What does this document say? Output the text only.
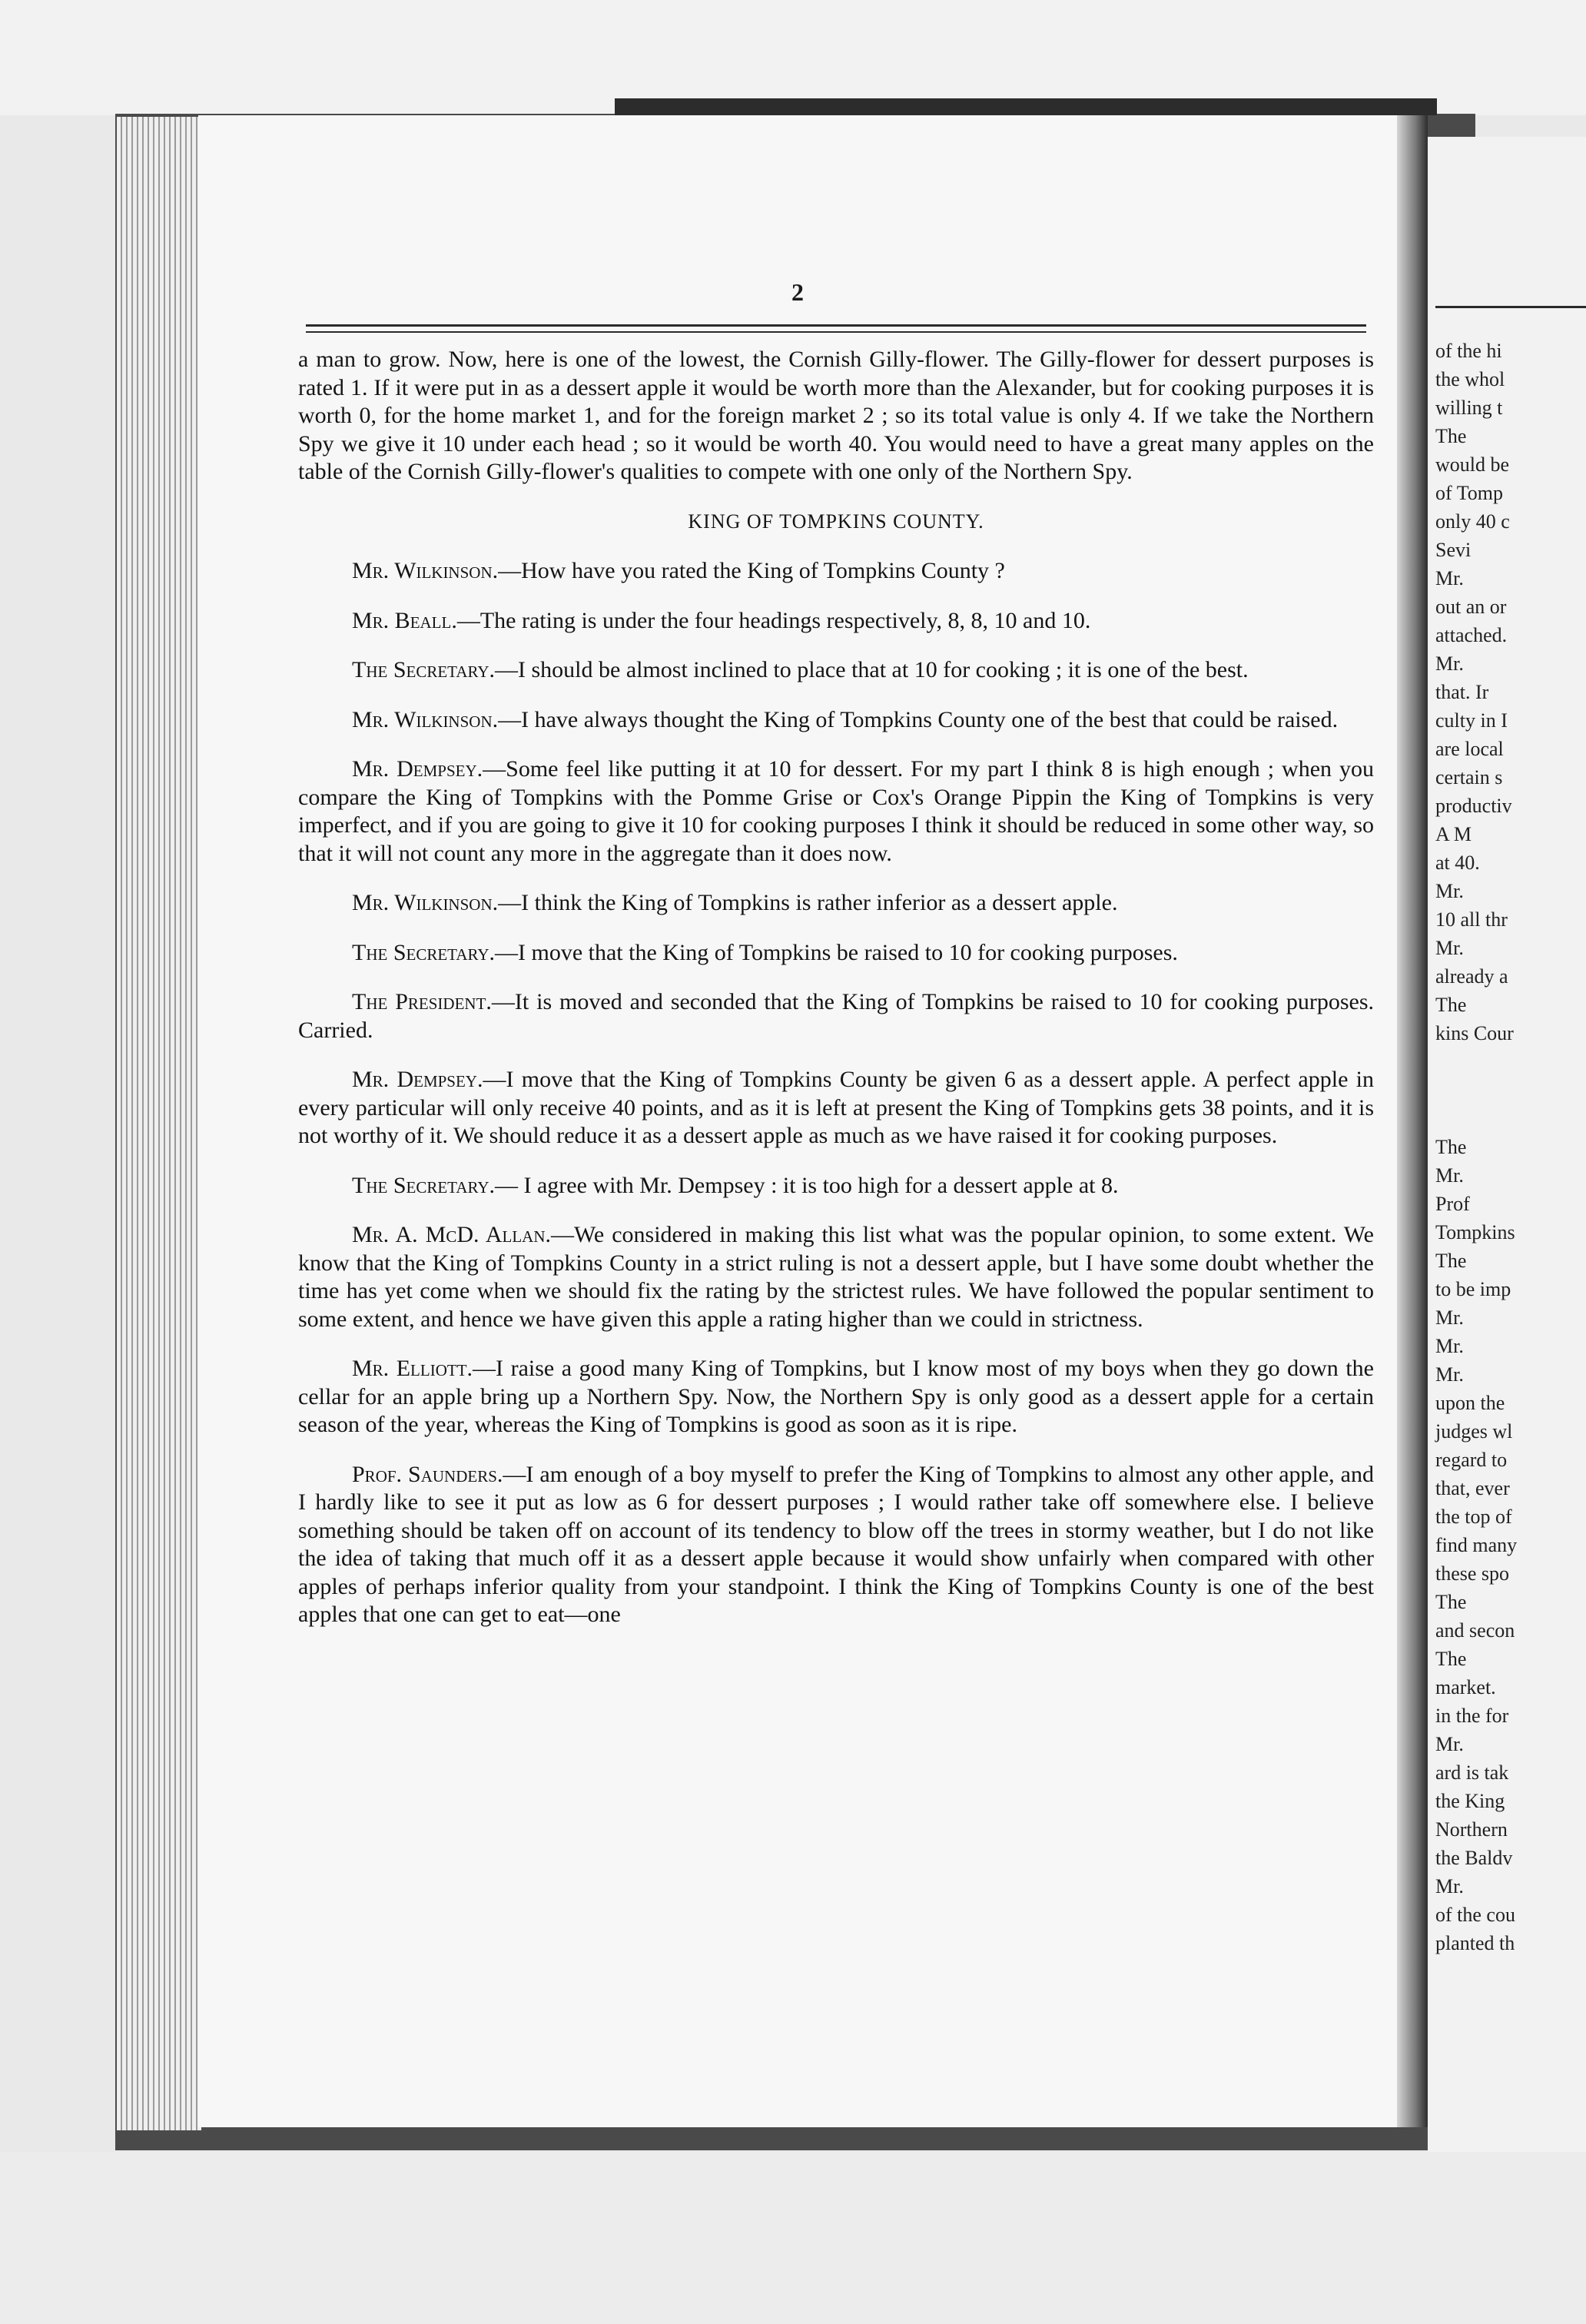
2

a man to grow. Now, here is one of the lowest, the Cornish Gilly-flower. The Gilly-flower for dessert purposes is rated 1. If it were put in as a dessert apple it would be worth more than the Alexander, but for cooking purposes it is worth 0, for the home market 1, and for the foreign market 2 ; so its total value is only 4. If we take the Northern Spy we give it 10 under each head ; so it would be worth 40. You would need to have a great many apples on the table of the Cornish Gilly-flower's qualities to compete with one only of the Northern Spy.

KING OF TOMPKINS COUNTY.

Mr. Wilkinson.—How have you rated the King of Tompkins County ?

Mr. Beall.—The rating is under the four headings respectively, 8, 8, 10 and 10.

The Secretary.—I should be almost inclined to place that at 10 for cooking ; it is one of the best.

Mr. Wilkinson.—I have always thought the King of Tompkins County one of the best that could be raised.

Mr. Dempsey.—Some feel like putting it at 10 for dessert. For my part I think 8 is high enough ; when you compare the King of Tompkins with the Pomme Grise or Cox's Orange Pippin the King of Tompkins is very imperfect, and if you are going to give it 10 for cooking purposes I think it should be reduced in some other way, so that it will not count any more in the aggregate than it does now.

Mr. Wilkinson.—I think the King of Tompkins is rather inferior as a dessert apple.

The Secretary.—I move that the King of Tompkins be raised to 10 for cooking purposes.

The President.—It is moved and seconded that the King of Tompkins be raised to 10 for cooking purposes. Carried.

Mr. Dempsey.—I move that the King of Tompkins County be given 6 as a dessert apple. A perfect apple in every particular will only receive 40 points, and as it is left at present the King of Tompkins gets 38 points, and it is not worthy of it. We should reduce it as a dessert apple as much as we have raised it for cooking purposes.

The Secretary.— I agree with Mr. Dempsey : it is too high for a dessert apple at 8.

Mr. A. McD. Allan.—We considered in making this list what was the popular opinion, to some extent. We know that the King of Tompkins County in a strict ruling is not a dessert apple, but I have some doubt whether the time has yet come when we should fix the rating by the strictest rules. We have followed the popular sentiment to some extent, and hence we have given this apple a rating higher than we could in strictness.

Mr. Elliott.—I raise a good many King of Tompkins, but I know most of my boys when they go down the cellar for an apple bring up a Northern Spy. Now, the Northern Spy is only good as a dessert apple for a certain season of the year, whereas the King of Tompkins is good as soon as it is ripe.

Prof. Saunders.—I am enough of a boy myself to prefer the King of Tompkins to almost any other apple, and I hardly like to see it put as low as 6 for dessert purposes ; I would rather take off somewhere else. I believe something should be taken off on account of its tendency to blow off the trees in stormy weather, but I do not like the idea of taking that much off it as a dessert apple because it would show unfairly when compared with other apples of perhaps inferior quality from your standpoint. I think the King of Tompkins County is one of the best apples that one can get to eat—one

of the hi
the whol
willing t
The
would be
of Tomp
only 40 c
Sevi
Mr.
out an or
attached.
Mr.
that. Ir
culty in I
are local
certain s
productiv
A M
at 40.
Mr.
10 all thr
Mr.
already a
The
kins Cour
The
Mr.
Prof
Tompkins
The
to be imp
Mr.
Mr.
Mr.
upon the
judges wl
regard to
that, ever
the top of
find many
these spo
The
and secon
The
market.
in the for
Mr.
ard is tak
the King
Northern
the Baldv
Mr.
of the cou
planted th
